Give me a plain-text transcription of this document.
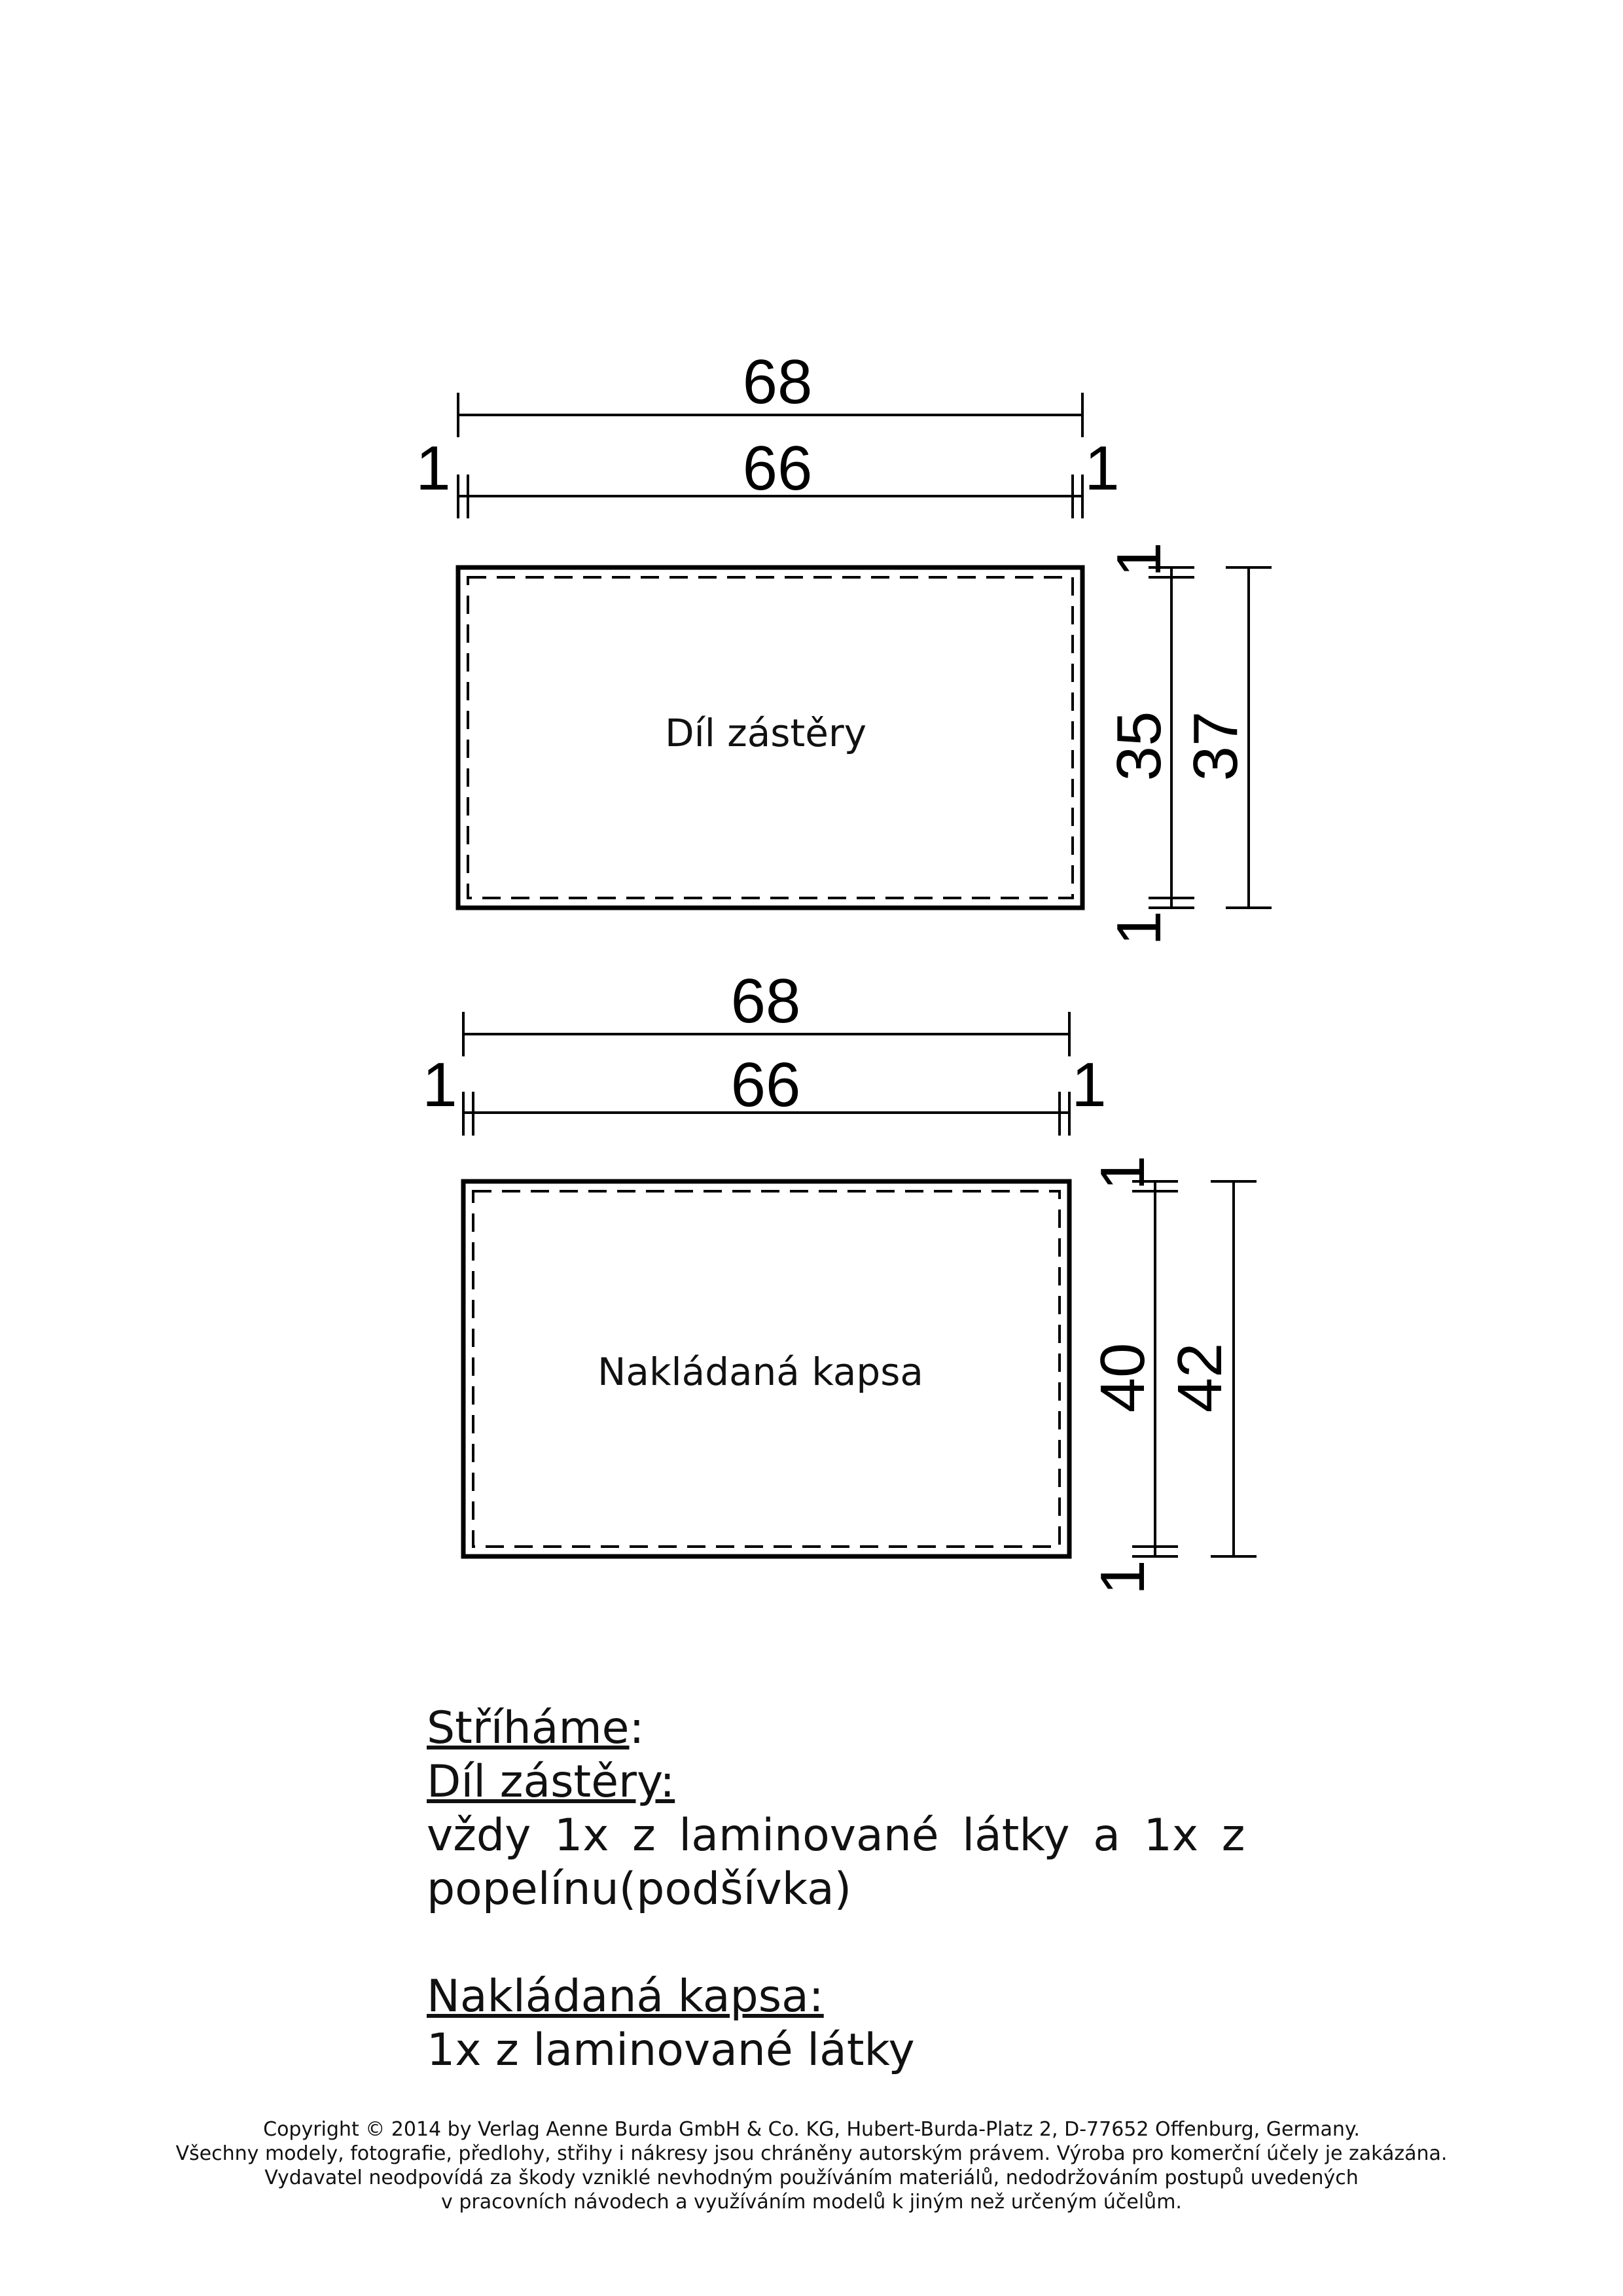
Díl zástěry
68
66
1	1
1
35 37
1
Nakládaná kapsa
68
66
1	1
1
40 42
1
Stříháme:
Díl zástěry:
vždy 1x z laminované látky a 1x z
popelínu(podšívka)
Nakládaná kapsa:
1x z laminované látky
Copyright © 2014 by Verlag Aenne Burda GmbH & Co. KG, Hubert-Burda-Platz 2, D-77652 Offenburg, Germany.
Všechny modely, fotografie, předlohy, střihy i nákresy jsou chráněny autorským právem. Výroba pro komerční účely je zakázána.
Vydavatel neodpovídá za škody vzniklé nevhodným používáním materiálů, nedodržováním postupů uvedených
v pracovních návodech a využíváním modelů k jiným než určeným účelům.
